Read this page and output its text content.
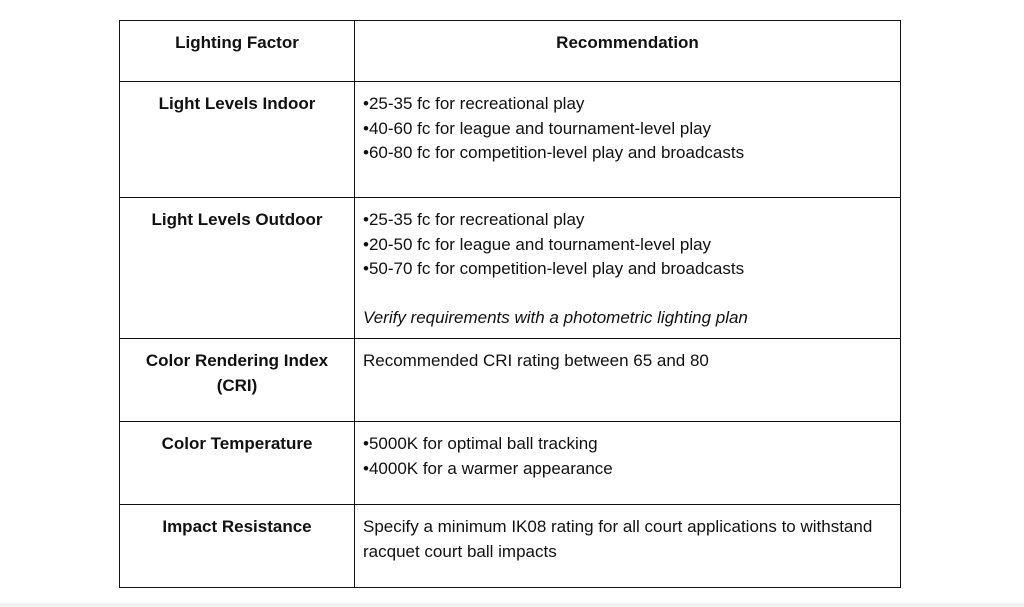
Lighting Factor	Recommendation
Light Levels Indoor	• 25-35 fc for recreational play
• 40-60 fc for league and tournament-level play
• 60-80 fc for competition-level play and broadcasts

Light Levels Outdoor	• 25-35 fc for recreational play
• 20-50 fc for league and tournament-level play
• 50-70 fc for competition-level play and broadcasts
Verify requirements with a photometric lighting plan

Color Rendering Index (CRI)	Recommended CRI rating between 65 and 80

Color Temperature	• 5000K for optimal ball tracking
• 4000K for a warmer appearance

Impact Resistance	Specify a minimum IK08 rating for all court applications to withstand racquet court ball impacts
